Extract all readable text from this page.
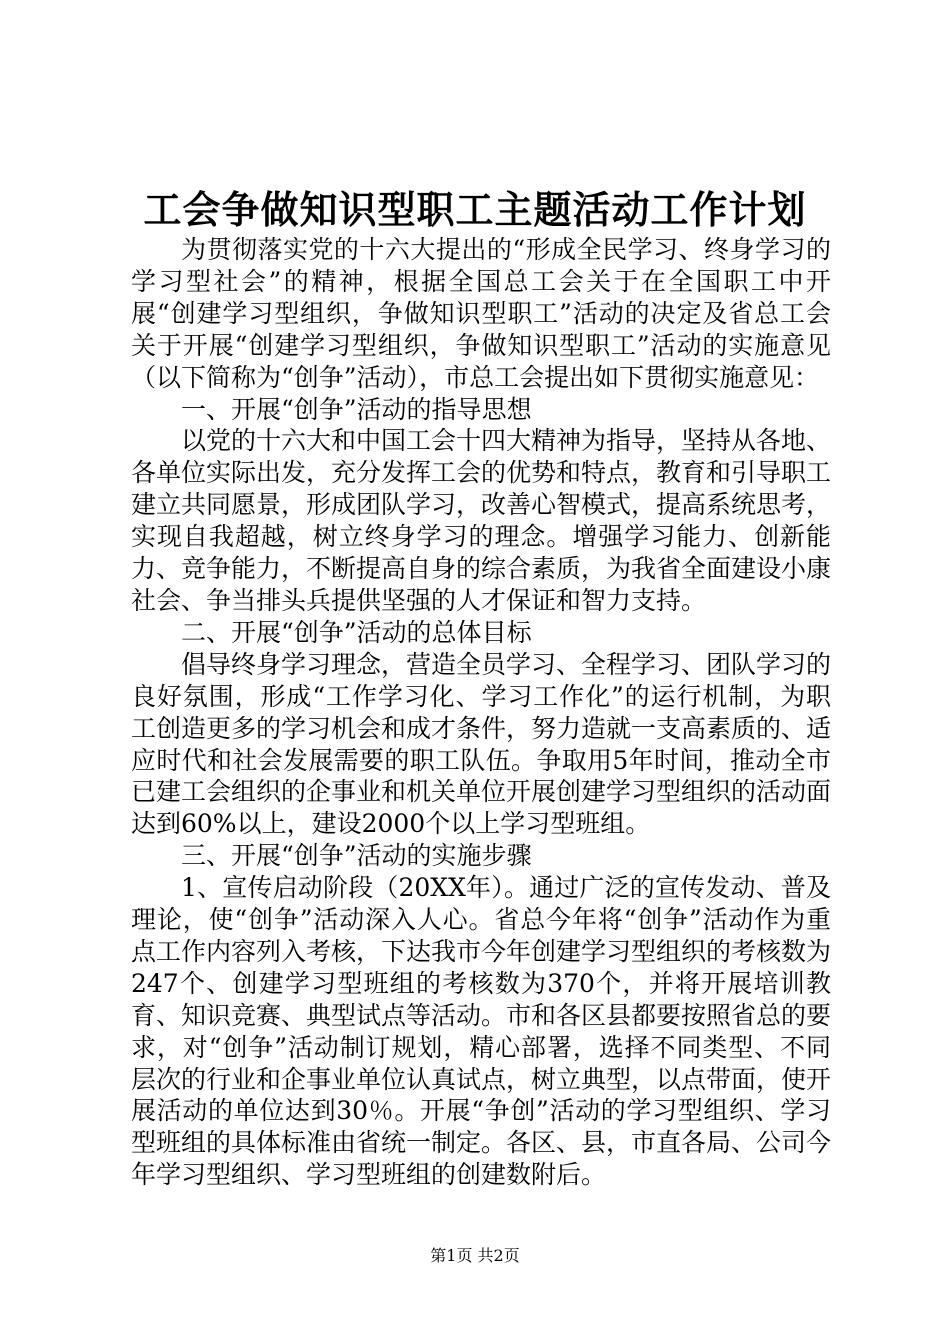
工会争做知识型职工主题活动工作计划

为贯彻落实党的十六大提出的“形成全民学习、终身学习的学习型社会”的精神，根据全国总工会关于在全国职工中开展“创建学习型组织，争做知识型职工”活动的决定及省总工会关于开展“创建学习型组织，争做知识型职工”活动的实施意见（以下简称为“创争”活动），市总工会提出如下贯彻实施意见：

一、开展“创争”活动的指导思想

以党的十六大和中国工会十四大精神为指导，坚持从各地、各单位实际出发，充分发挥工会的优势和特点，教育和引导职工建立共同愿景，形成团队学习，改善心智模式，提高系统思考，实现自我超越，树立终身学习的理念。增强学习能力、创新能力、竞争能力，不断提高自身的综合素质，为我省全面建设小康社会、争当排头兵提供坚强的人才保证和智力支持。

二、开展“创争”活动的总体目标

倡导终身学习理念，营造全员学习、全程学习、团队学习的良好氛围，形成“工作学习化、学习工作化”的运行机制，为职工创造更多的学习机会和成才条件，努力造就一支高素质的、适应时代和社会发展需要的职工队伍。争取用5年时间，推动全市已建工会组织的企事业和机关单位开展创建学习型组织的活动面达到60%以上，建设2000个以上学习型班组。

三、开展“创争”活动的实施步骤

1、宣传启动阶段（20XX年）。通过广泛的宣传发动、普及理论，使“创争”活动深入人心。省总今年将“创争”活动作为重点工作内容列入考核，下达我市今年创建学习型组织的考核数为247个、创建学习型班组的考核数为370个，并将开展培训教育、知识竞赛、典型试点等活动。市和各区县都要按照省总的要求，对“创争”活动制订规划，精心部署，选择不同类型、不同层次的行业和企事业单位认真试点，树立典型，以点带面，使开展活动的单位达到30％。开展“争创”活动的学习型组织、学习型班组的具体标准由省统一制定。各区、县，市直各局、公司今年学习型组织、学习型班组的创建数附后。

第1页 共2页
